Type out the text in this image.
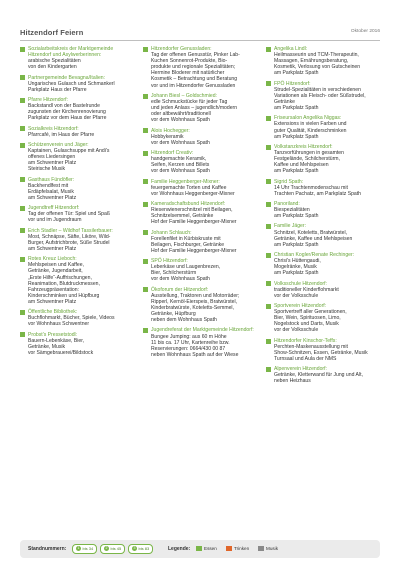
Hitzendorf Feiern	Oktober 2016
Sozialarbeitskreis der Marktgemeinde Hitzendorf und Asylwerberinnen:
arabische Spezialitäten
von den Kindergarten
Partnergemeinde Bevagna/Italien:
Ungarisches Gulasch und Schmankerl
Parkplatz Haus der Pfarre
Pfarre Hitzendorf:
Backstandl von der Bastelrunde
zugunsten der Kirchenrenovierung
Parkplatz vor dem Haus der Pfarre
Sozialkreis Hitzendorf:
Pfarrcafé, im Haus der Pfarre
Schützenverein und Jäger:
Kaptainen, Gulaschsuppe mit Andi's
offenes Liedersingen
am Schwentner Platz
Steirische Musik
Gasthaus Fündöfler:
Backhendlfest mit
Erdäpfelsalat, Musik
am Schwentner Platz
Jugendtreff Hitzendorf:
Tag der offenen Tür: Spiel und Spaß
vor und im Jugendraum
Erich Stadler – Wildhof Tassilerbauer:
Most, Schnäpse, Säfte, Liköre, Wild-
Burger, Aufstrichbrote, Süße Strudel
am Schwentner Platz
Rotes Kreuz Lieboch:
Mehlspeisen und Kaffee,
Getränke, Jugendarbeit,
„Erste Hilfe“-Auffrischungen,
Reanimation, Blutdruckmessen,
Fahrzeugpräsentation:
Kinderschminken und Hüpfburg
am Schwentner Platz
Öffentliche Bibliothek:
Buchflohmarkt, Bücher, Spiele, Videos
vor Wohnhaus Schwentner
Probst's Pressetstodl:
Bauern-Lebenkäse, Bier,
Getränke, Musik
vor Sämgebrauerei/Bildstock
Hitzendorfer Genussladen:
Tag der offenen Genusstür, Pinker Lab-
Kuchen Sonnenrot-Produkte, Bio-
produkte und regionale Spezialitäten;
Hermine Bloderer mit natürlicher
Kosmetik – Betrachtung und Beratung
vor und im Hitzendorfer Genussladen
Johann Biesl – Goldschmied:
edle Schmuckstücke für jeder Tag
und jeden Anlass – jugendlich/modern
oder altbewährt/traditionell
vor dem Wohnhaus Spath
Alois Hochegger:
Hobbykeramik
vor dem Wohnhaus Spath
Hitzendorf Creativ:
handgemachte Keramik,
Seifen, Kerzen und Billets
vor dem Wohnhaus Spath
Familie Heggenberger-Mixner:
feuergemachte Torten und Kaffee
vor Wohnhaus Heggenberger-Mixner
Kameradschaftsbund Hitzendorf:
Riesenwienerschnitzel mit Beilagen,
Schnitzelsemmel, Getränke
Hof der Familie Heggenberger-Mixner
Johann Schlauch:
Forellenfilet in Kürbiskruste mit
Beilagen, Fischburger, Getränke
Hof der Familie Heggenberger-Mixner
SPÖ Hitzendorf:
Leberkäse und Laugenbrezen,
Bier, Schilcherstürm
vor dem Wohnhaus Spath
Ökoforum der Hitzendorf:
Ausstellung, Traktoren und Motorräder;
Ripperl, Kernöl-Eierspeis, Bratwürstel,
Kinderbratwürste, Koteletts-Semmel,
Getränke, Hüpfburg
neben dem Wohnhaus Spath
Jugendreferat der Marktgemeinde Hitzendorf:
Bungee Jumping: aus 60 m Höhe
11 bis ca. 17 Uhr, Kartenreihe bzw.
Reservierungen: 0664/430 00 87
neben Wohnhaus Spath auf der Wiese
Angelika Lindl:
Heilmasseurin und TCM-Therapeutin,
Massagen, Ernährungsberatung,
Kosmetik, Verlosung von Gutscheinen
am Parkplatz Spath
FPÖ Hitzendorf:
Strudel-Spezialitäten in verschiedenen
Variationen als Fleisch- oder Süßstrudel,
Getränke
am Parkplatz Spath
Friseursalon Angelika Niggas:
Extensions in vielen Farben und
guter Qualität, Kinderschminken
am Parkplatz Spath
Volkstanzkreis Hitzendorf:
Tanzvorführungen in gesamten
Festgelände, Schilcherstürm,
Kaffee und Mehlspeisen
am Parkplatz Spath
Sigrid Spath:
14 Uhr Trachtenmodenschau mit
Trachten Pachatz, am Parkplatz Spath
Panoriland:
Biespezialitäten
am Parkplatz Spath
Familie Jäger:
Schnitzel, Koteletts, Bratwürstel,
Getränke, Kaffee und Mehlspeisen
am Parkplatz Spath
Christian Kogler/Renate Rechinger:
Chrisi's Hüttengaudi,
Mogelränke, Musik
am Parkplatz Spath
Volksschule Hitzendorf:
traditioneller Kinderflohmarkt
vor der Volksschule
Sportverein Hitzendorf:
Sportvertreff aller Generationen,
Bier, Wein, Spirituosen, Limo,
Nogelstock und Darts, Musik
vor der Volksschule
Hitzendorfer Kinschor-Teffs:
Perchten-Maskenausstellung mit
Show-Schnitzen, Essen, Getränke, Musik
Turnsaal und Aula der NMS
Alpenverein Hitzendorf:
Getränke, Kletterwand für Jung und Alt,
neben Heizhaus
Standnummern:	1 bis 34	2 bis 45	3 bis 83	Legende:	Essen	Trinken	Musik
